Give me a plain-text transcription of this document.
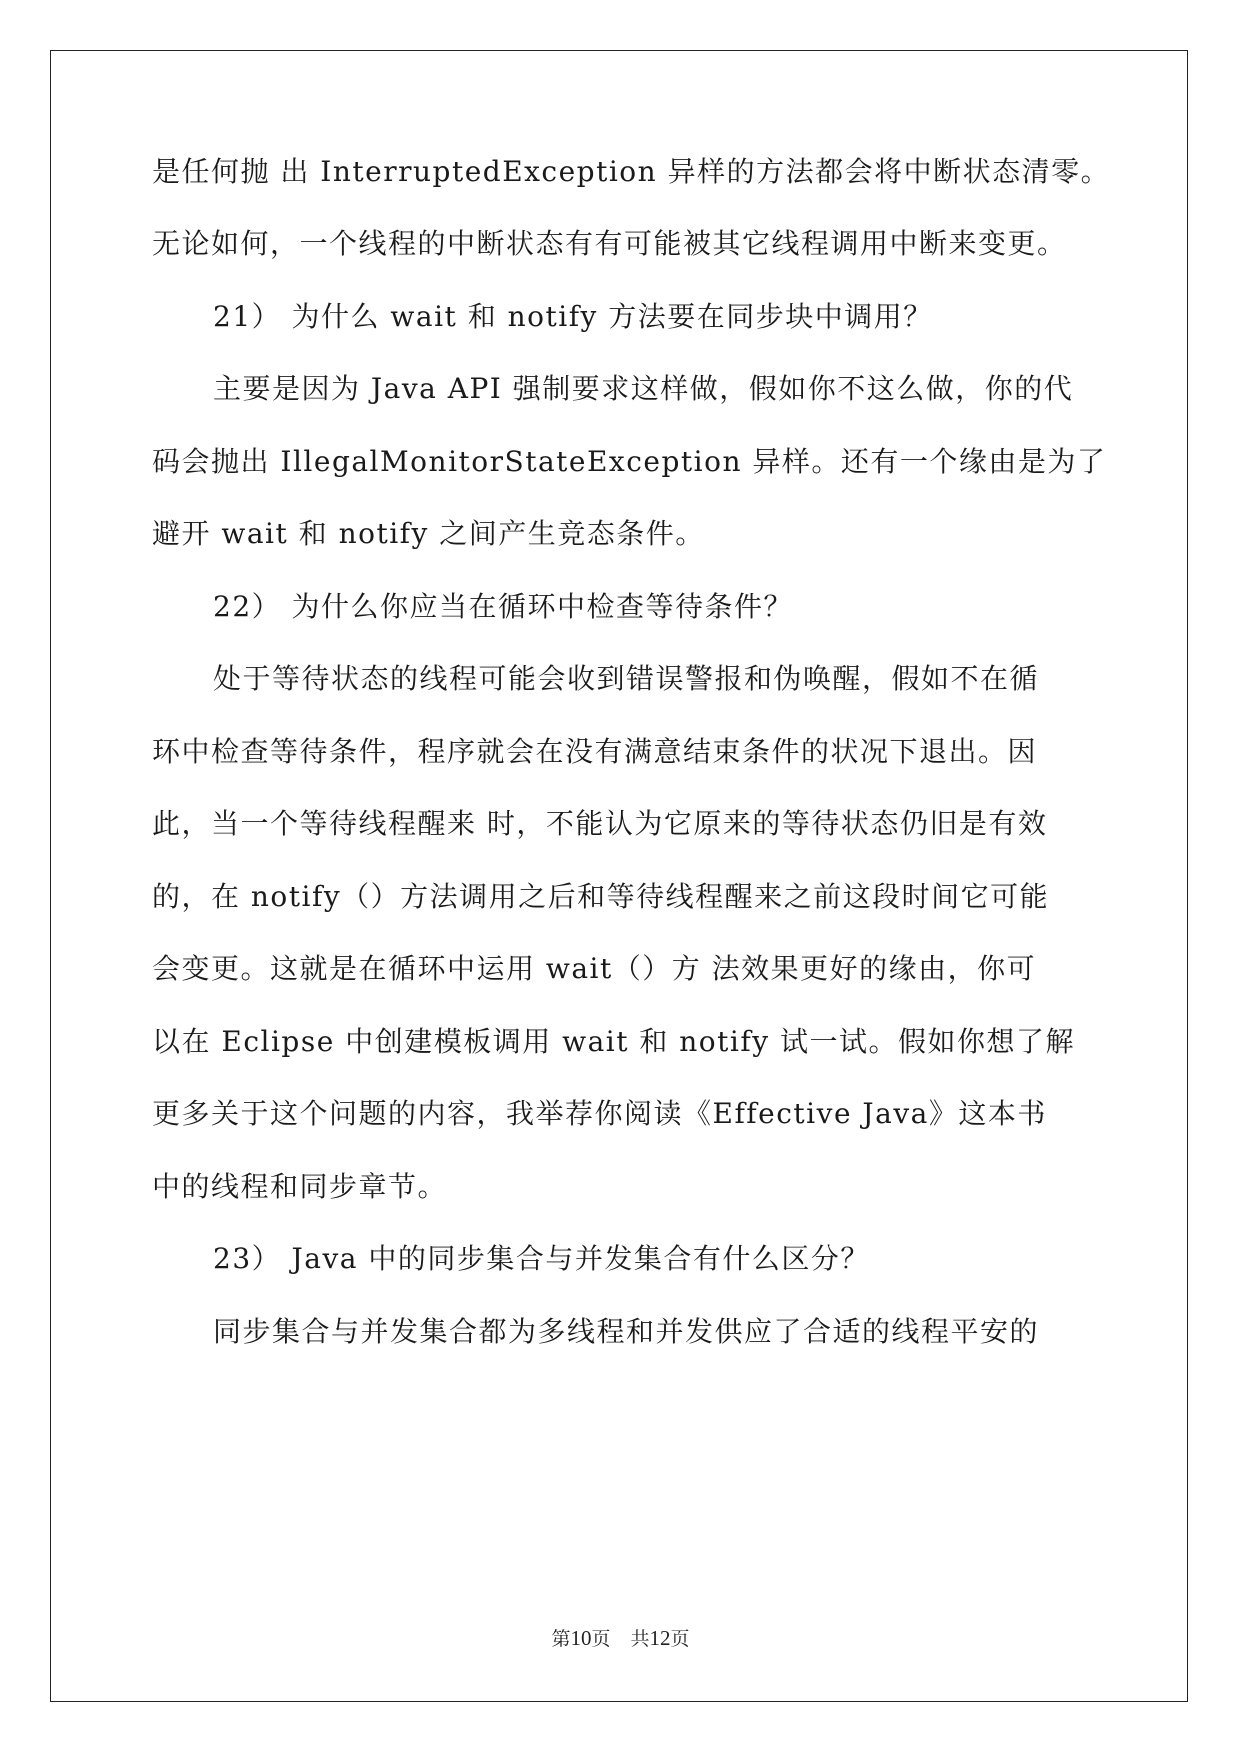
是任何抛 出 InterruptedException 异样的方法都会将中断状态清零。
无论如何，一个线程的中断状态有有可能被其它线程调用中断来变更。
21） 为什么 wait 和 notify 方法要在同步块中调用？
主要是因为 Java API 强制要求这样做，假如你不这么做，你的代
码会抛出 IllegalMonitorStateException 异样。还有一个缘由是为了
避开 wait 和 notify 之间产生竞态条件。
22） 为什么你应当在循环中检查等待条件？
处于等待状态的线程可能会收到错误警报和伪唤醒，假如不在循
环中检查等待条件，程序就会在没有满意结束条件的状况下退出。因
此，当一个等待线程醒来 时，不能认为它原来的等待状态仍旧是有效
的，在 notify（）方法调用之后和等待线程醒来之前这段时间它可能
会变更。这就是在循环中运用 wait（）方 法效果更好的缘由，你可
以在 Eclipse 中创建模板调用 wait 和 notify 试一试。假如你想了解
更多关于这个问题的内容，我举荐你阅读《Effective Java》这本书
中的线程和同步章节。
23） Java 中的同步集合与并发集合有什么区分？
同步集合与并发集合都为多线程和并发供应了合适的线程平安的
第10页 共12页
